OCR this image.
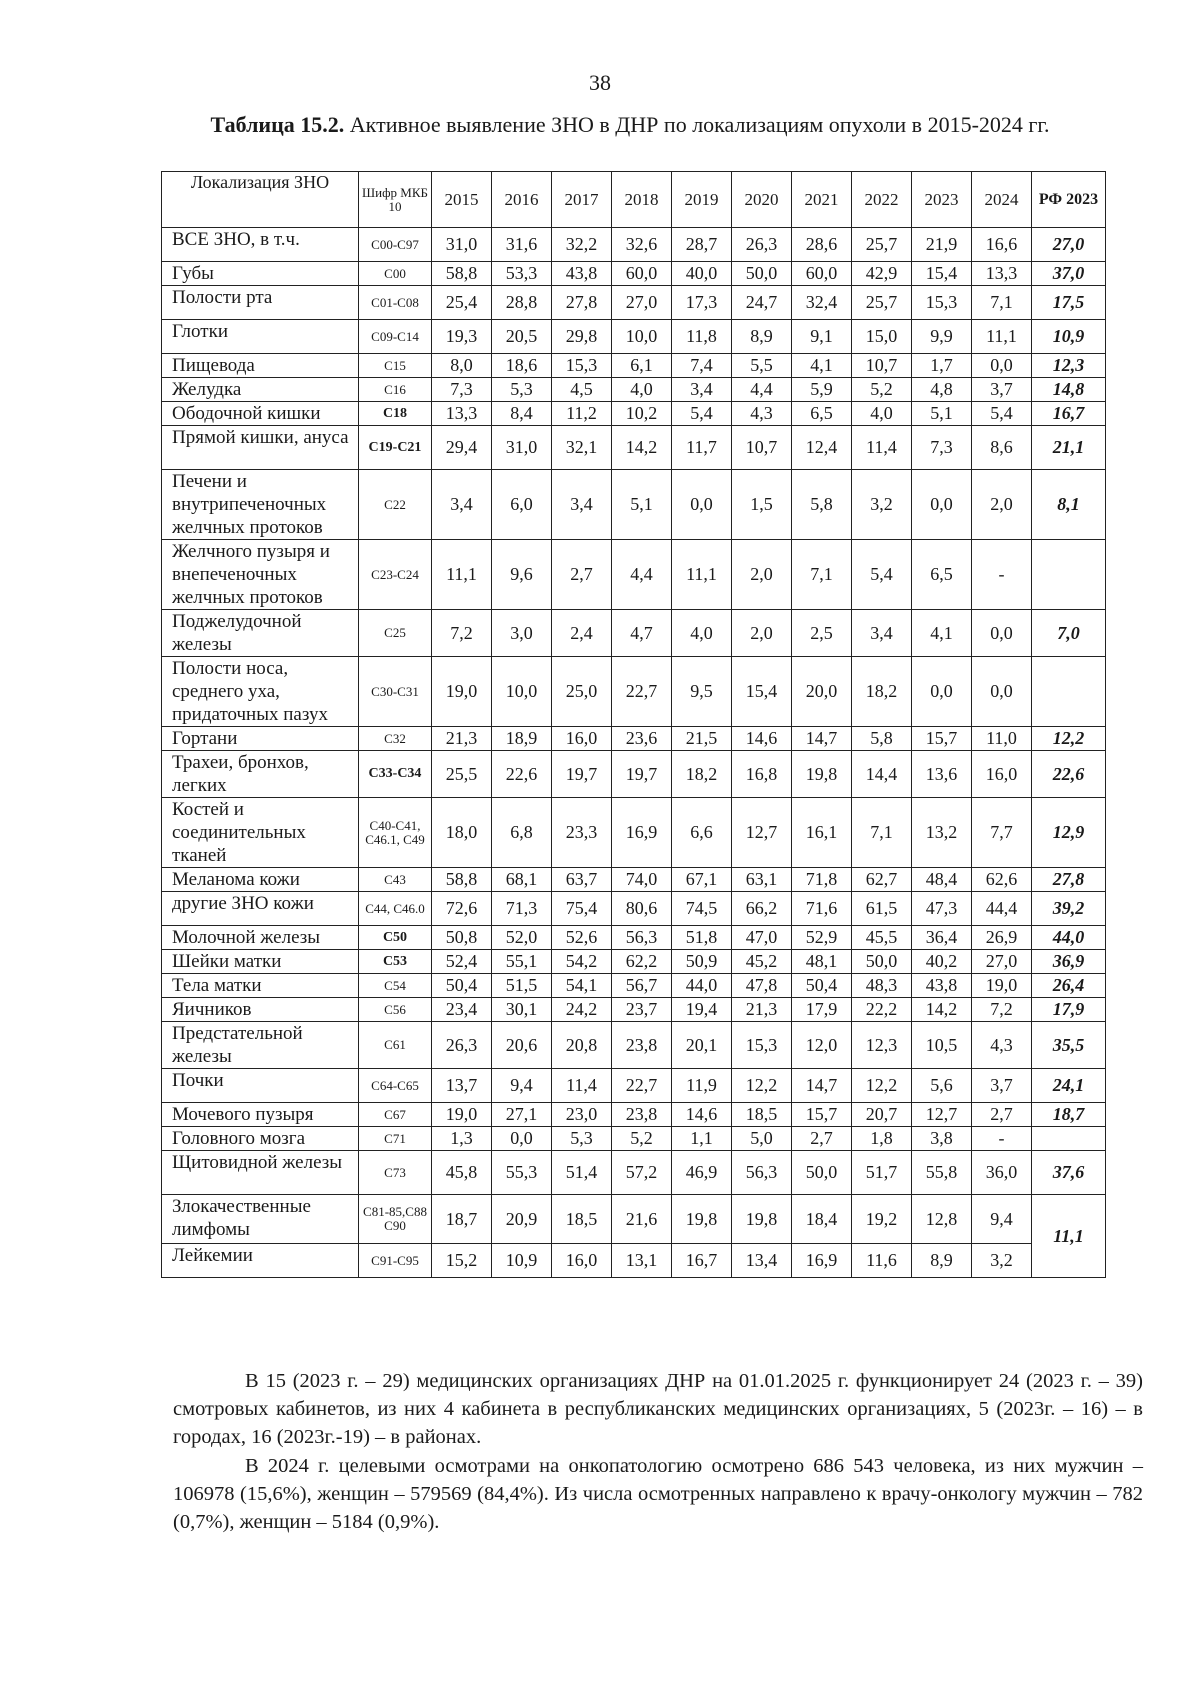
38
Таблица 15.2. Активное выявление ЗНО в ДНР по локализациям опухоли в 2015-2024 гг.
Локализация ЗНО	Шифр МКБ 10	2015	2016	2017	2018	2019	2020	2021	2022	2023	2024	РФ 2023
ВСЕ ЗНО, в т.ч.	C00-C97	31,0	31,6	32,2	32,6	28,7	26,3	28,6	25,7	21,9	16,6	27,0
Губы	C00	58,8	53,3	43,8	60,0	40,0	50,0	60,0	42,9	15,4	13,3	37,0
Полости рта	C01-C08	25,4	28,8	27,8	27,0	17,3	24,7	32,4	25,7	15,3	7,1	17,5
Глотки	C09-C14	19,3	20,5	29,8	10,0	11,8	8,9	9,1	15,0	9,9	11,1	10,9
Пищевода	C15	8,0	18,6	15,3	6,1	7,4	5,5	4,1	10,7	1,7	0,0	12,3
Желудка	C16	7,3	5,3	4,5	4,0	3,4	4,4	5,9	5,2	4,8	3,7	14,8
Ободочной кишки	C18	13,3	8,4	11,2	10,2	5,4	4,3	6,5	4,0	5,1	5,4	16,7
Прямой кишки, ануса	C19-C21	29,4	31,0	32,1	14,2	11,7	10,7	12,4	11,4	7,3	8,6	21,1
Печени и внутрипеченочных желчных протоков	C22	3,4	6,0	3,4	5,1	0,0	1,5	5,8	3,2	0,0	2,0	8,1
Желчного пузыря и внепеченочных желчных протоков	C23-C24	11,1	9,6	2,7	4,4	11,1	2,0	7,1	5,4	6,5	-	
Поджелудочной железы	C25	7,2	3,0	2,4	4,7	4,0	2,0	2,5	3,4	4,1	0,0	7,0
Полости носа, среднего уха, придаточных пазух	C30-C31	19,0	10,0	25,0	22,7	9,5	15,4	20,0	18,2	0,0	0,0	
Гортани	C32	21,3	18,9	16,0	23,6	21,5	14,6	14,7	5,8	15,7	11,0	12,2
Трахеи, бронхов, легких	C33-C34	25,5	22,6	19,7	19,7	18,2	16,8	19,8	14,4	13,6	16,0	22,6
Костей и соединительных тканей	C40-C41, C46.1, C49	18,0	6,8	23,3	16,9	6,6	12,7	16,1	7,1	13,2	7,7	12,9
Меланома кожи	C43	58,8	68,1	63,7	74,0	67,1	63,1	71,8	62,7	48,4	62,6	27,8
другие ЗНО кожи	C44, C46.0	72,6	71,3	75,4	80,6	74,5	66,2	71,6	61,5	47,3	44,4	39,2
Молочной железы	C50	50,8	52,0	52,6	56,3	51,8	47,0	52,9	45,5	36,4	26,9	44,0
Шейки матки	C53	52,4	55,1	54,2	62,2	50,9	45,2	48,1	50,0	40,2	27,0	36,9
Тела матки	C54	50,4	51,5	54,1	56,7	44,0	47,8	50,4	48,3	43,8	19,0	26,4
Яичников	C56	23,4	30,1	24,2	23,7	19,4	21,3	17,9	22,2	14,2	7,2	17,9
Предстательной железы	C61	26,3	20,6	20,8	23,8	20,1	15,3	12,0	12,3	10,5	4,3	35,5
Почки	C64-C65	13,7	9,4	11,4	22,7	11,9	12,2	14,7	12,2	5,6	3,7	24,1
Мочевого пузыря	C67	19,0	27,1	23,0	23,8	14,6	18,5	15,7	20,7	12,7	2,7	18,7
Головного мозга	C71	1,3	0,0	5,3	5,2	1,1	5,0	2,7	1,8	3,8	-	
Щитовидной железы	C73	45,8	55,3	51,4	57,2	46,9	56,3	50,0	51,7	55,8	36,0	37,6
Злокачественные лимфомы	C81-85,C88 C90	18,7	20,9	18,5	21,6	19,8	19,8	18,4	19,2	12,8	9,4	11,1
Лейкемии	C91-C95	15,2	10,9	16,0	13,1	16,7	13,4	16,9	11,6	8,9	3,2	
В 15 (2023 г. – 29) медицинских организациях ДНР на 01.01.2025 г. функционирует 24 (2023 г. – 39) смотровых кабинетов, из них 4 кабинета в республиканских медицинских организациях, 5 (2023г. – 16) – в городах, 16 (2023г.-19) – в районах.
В 2024 г. целевыми осмотрами на онкопатологию осмотрено 686 543 человека, из них мужчин – 106978 (15,6%), женщин – 579569 (84,4%). Из числа осмотренных направлено к врачу-онкологу мужчин – 782 (0,7%), женщин – 5184 (0,9%).
